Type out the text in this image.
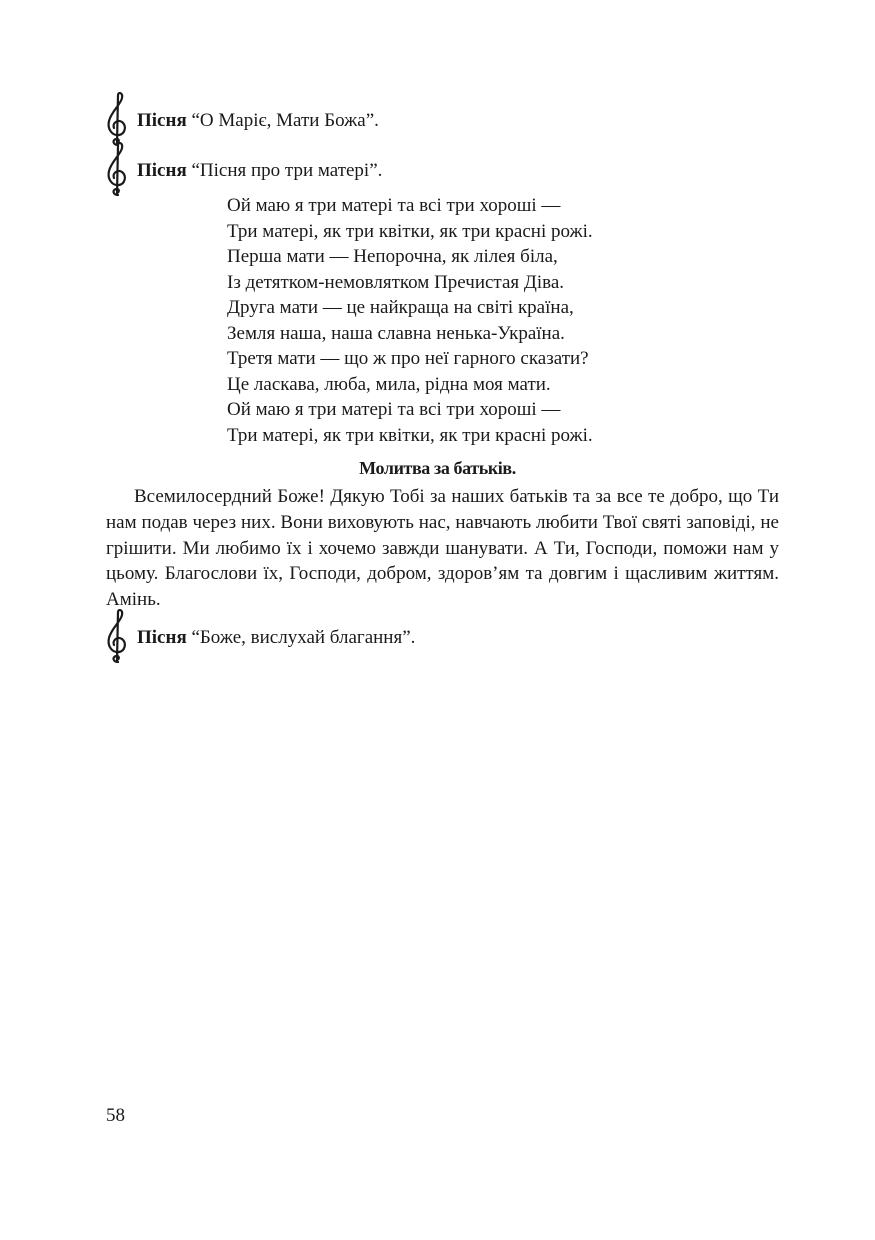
Пісня “О Маріє, Мати Божа”.
Пісня “Пісня про три матері”.
Ой маю я три матері та всі три хороші —
Три матері, як три квітки, як три красні рожі.
Перша мати — Непорочна, як лілея біла,
Із детятком-немовлятком Пречистая Діва.
Друга мати — це найкраща на світі країна,
Земля наша, наша славна ненька-Україна.
Третя мати — що ж про неї гарного сказати?
Це ласкава, люба, мила, рідна моя мати.
Ой маю я три матері та всі три хороші —
Три матері, як три квітки, як три красні рожі.
Молитва за батьків.

Всемилосердний Боже! Дякую Тобі за наших батьків та за все те добро, що Ти нам подав через них. Вони виховують нас, навчають любити Твої святі заповіді, не грішити. Ми любимо їх і хочемо завжди шанувати. А Ти, Господи, поможи нам у цьому. Благослови їх, Господи, добром, здоров’ям та довгим і щасливим життям. Амінь.

Пісня “Боже, вислухай благання”.
58
